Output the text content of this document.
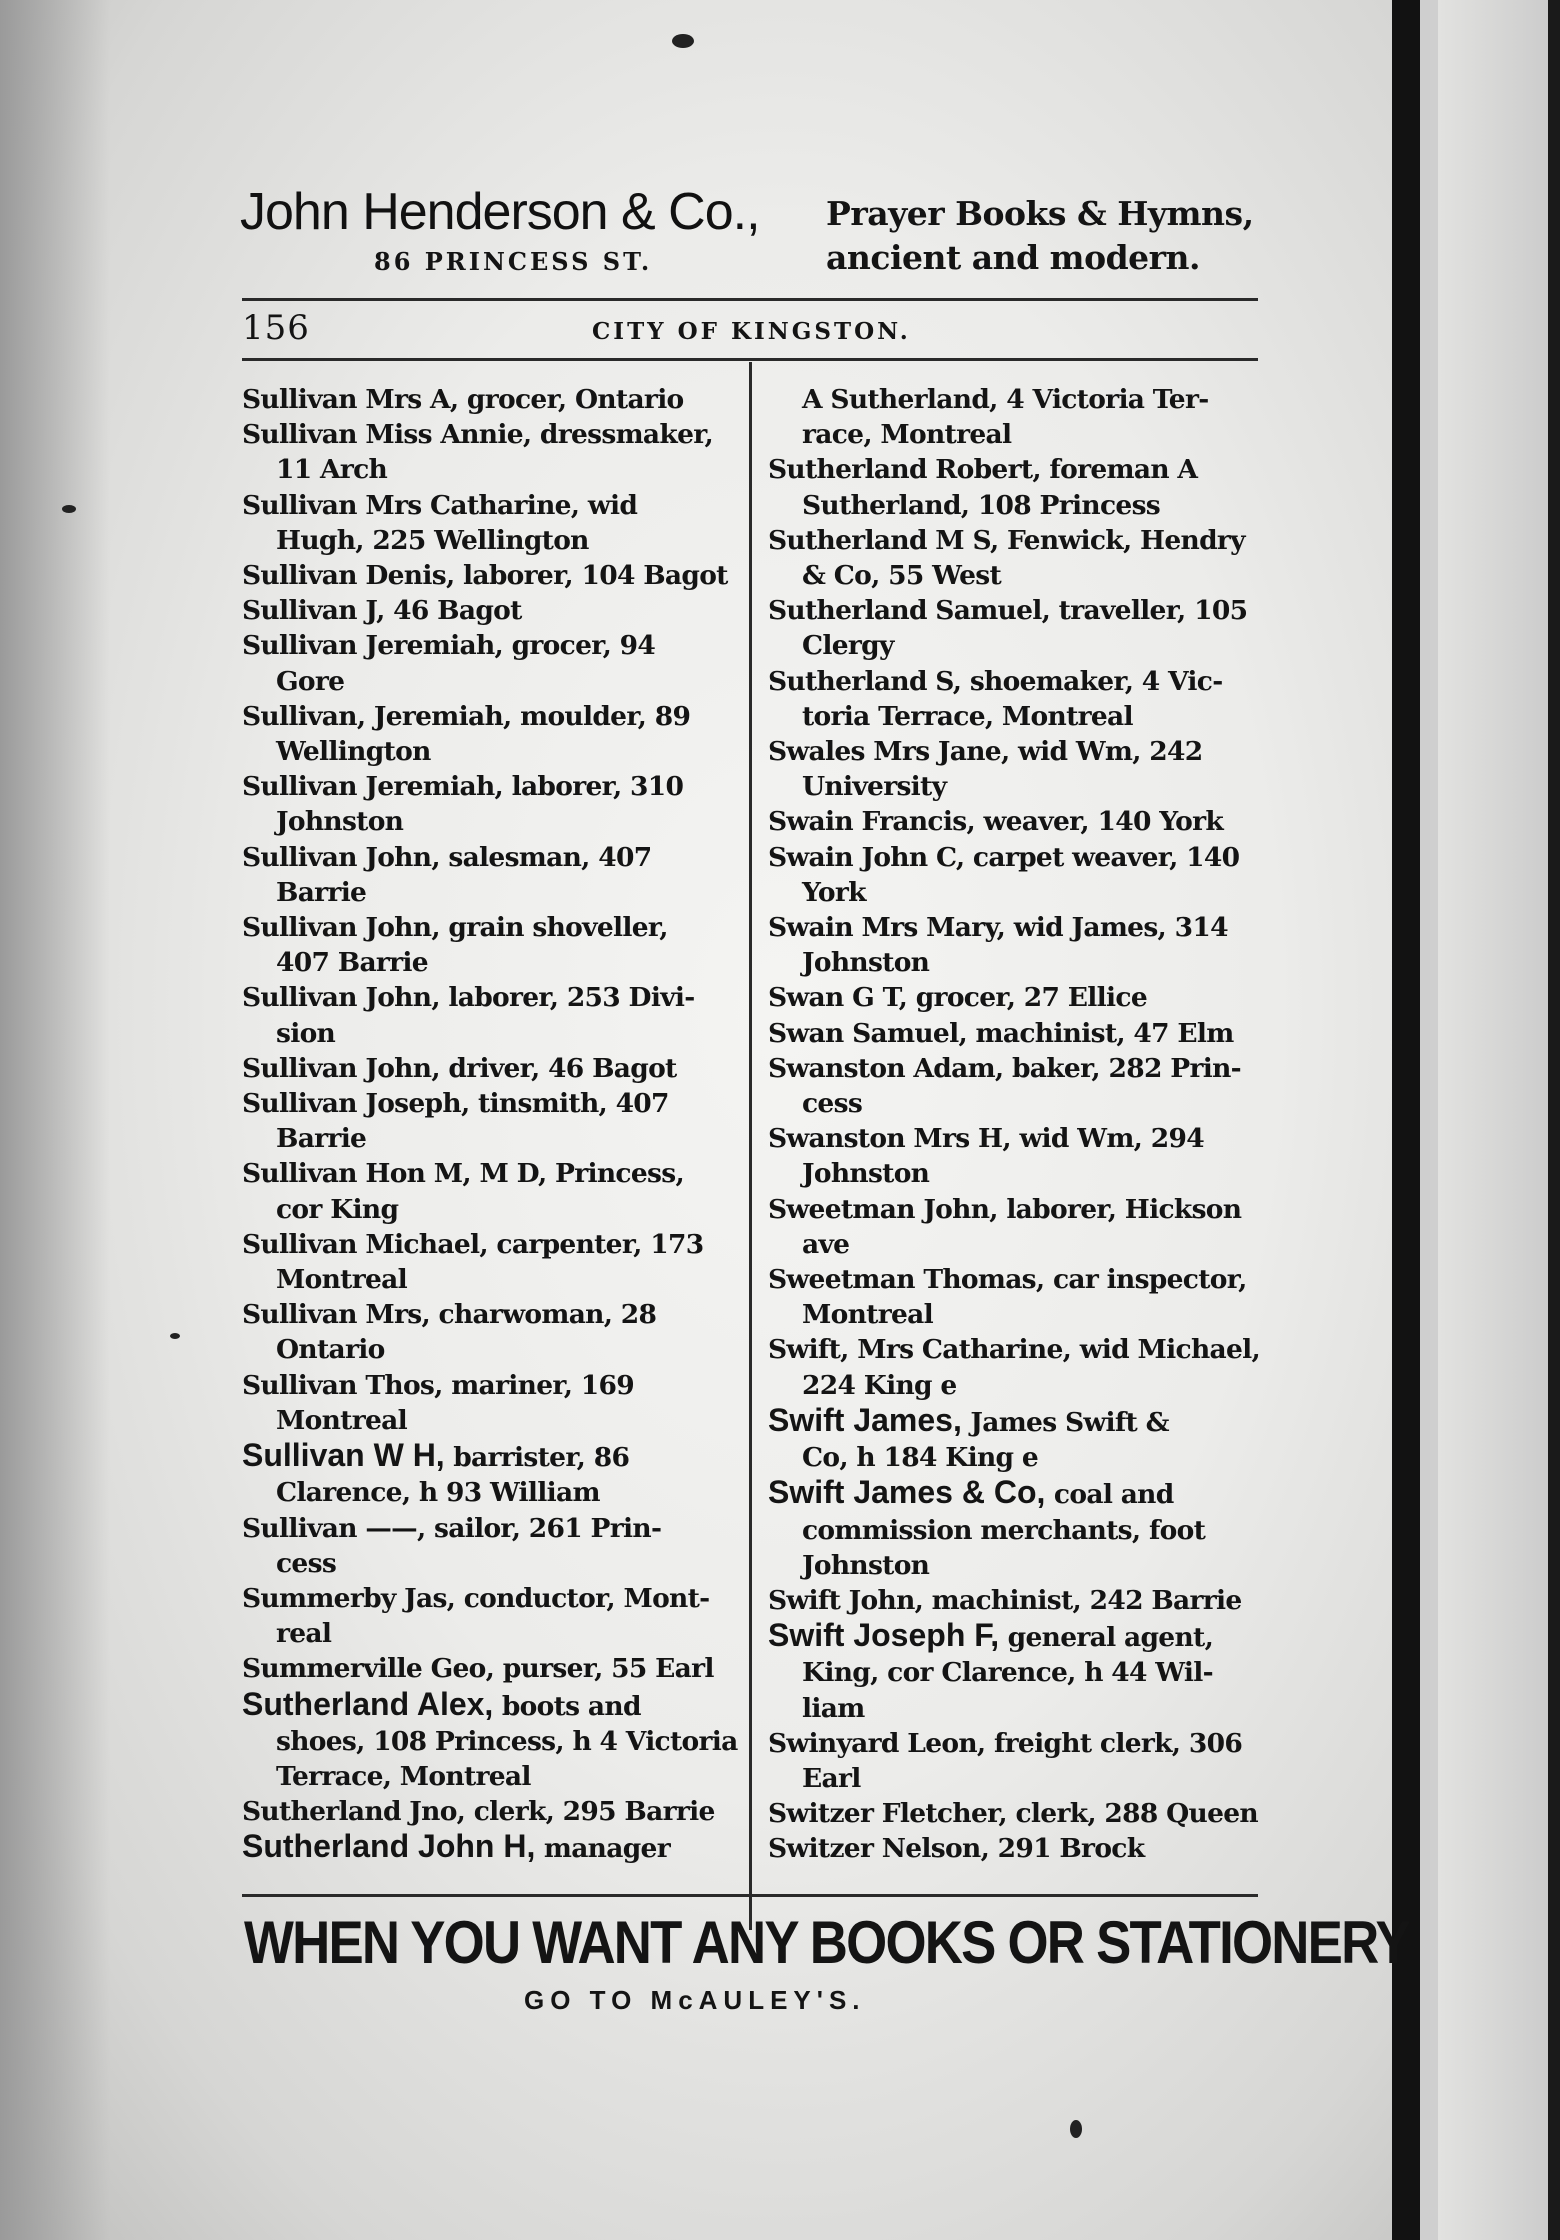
John Henderson & Co.,
86 PRINCESS ST.
Prayer Books & Hymns,
ancient and modern.
156	CITY OF KINGSTON.

Sullivan Mrs A, grocer, Ontario

Sullivan Miss Annie, dressmaker,
11 Arch

Sullivan Mrs Catharine, wid
Hugh, 225 Wellington

Sullivan Denis, laborer, 104 Bagot

Sullivan J, 46 Bagot

Sullivan Jeremiah, grocer, 94
Gore

Sullivan, Jeremiah, moulder, 89
Wellington

Sullivan Jeremiah, laborer, 310
Johnston

Sullivan John, salesman, 407
Barrie

Sullivan John, grain shoveller,
407 Barrie

Sullivan John, laborer, 253 Divi-
sion

Sullivan John, driver, 46 Bagot

Sullivan Joseph, tinsmith, 407
Barrie

Sullivan Hon M, M D, Princess,
cor King

Sullivan Michael, carpenter, 173
Montreal

Sullivan Mrs, charwoman, 28
Ontario

Sullivan Thos, mariner, 169
Montreal

Sullivan W H, barrister, 86
Clarence, h 93 William

Sullivan ——, sailor, 261 Prin-
cess

Summerby Jas, conductor, Mont-
real

Summerville Geo, purser, 55 Earl

Sutherland Alex, boots and
shoes, 108 Princess, h 4 Victoria
Terrace, Montreal

Sutherland Jno, clerk, 295 Barrie

Sutherland John H, manager

A Sutherland, 4 Victoria Ter-
race, Montreal

Sutherland Robert, foreman A
Sutherland, 108 Princess

Sutherland M S, Fenwick, Hendry
& Co, 55 West

Sutherland Samuel, traveller, 105
Clergy

Sutherland S, shoemaker, 4 Vic-
toria Terrace, Montreal

Swales Mrs Jane, wid Wm, 242
University

Swain Francis, weaver, 140 York

Swain John C, carpet weaver, 140
York

Swain Mrs Mary, wid James, 314
Johnston

Swan G T, grocer, 27 Ellice

Swan Samuel, machinist, 47 Elm

Swanston Adam, baker, 282 Prin-
cess

Swanston Mrs H, wid Wm, 294
Johnston

Sweetman John, laborer, Hickson
ave

Sweetman Thomas, car inspector,
Montreal

Swift, Mrs Catharine, wid Michael,
224 King e

Swift James, James Swift &
Co, h 184 King e

Swift James & Co, coal and
commission merchants, foot
Johnston

Swift John, machinist, 242 Barrie

Swift Joseph F, general agent,
King, cor Clarence, h 44 Wil-
liam

Swinyard Leon, freight clerk, 306
Earl

Switzer Fletcher, clerk, 288 Queen

Switzer Nelson, 291 Brock

WHEN YOU WANT ANY BOOKS OR STATIONERY
GO TO McAULEY'S.
